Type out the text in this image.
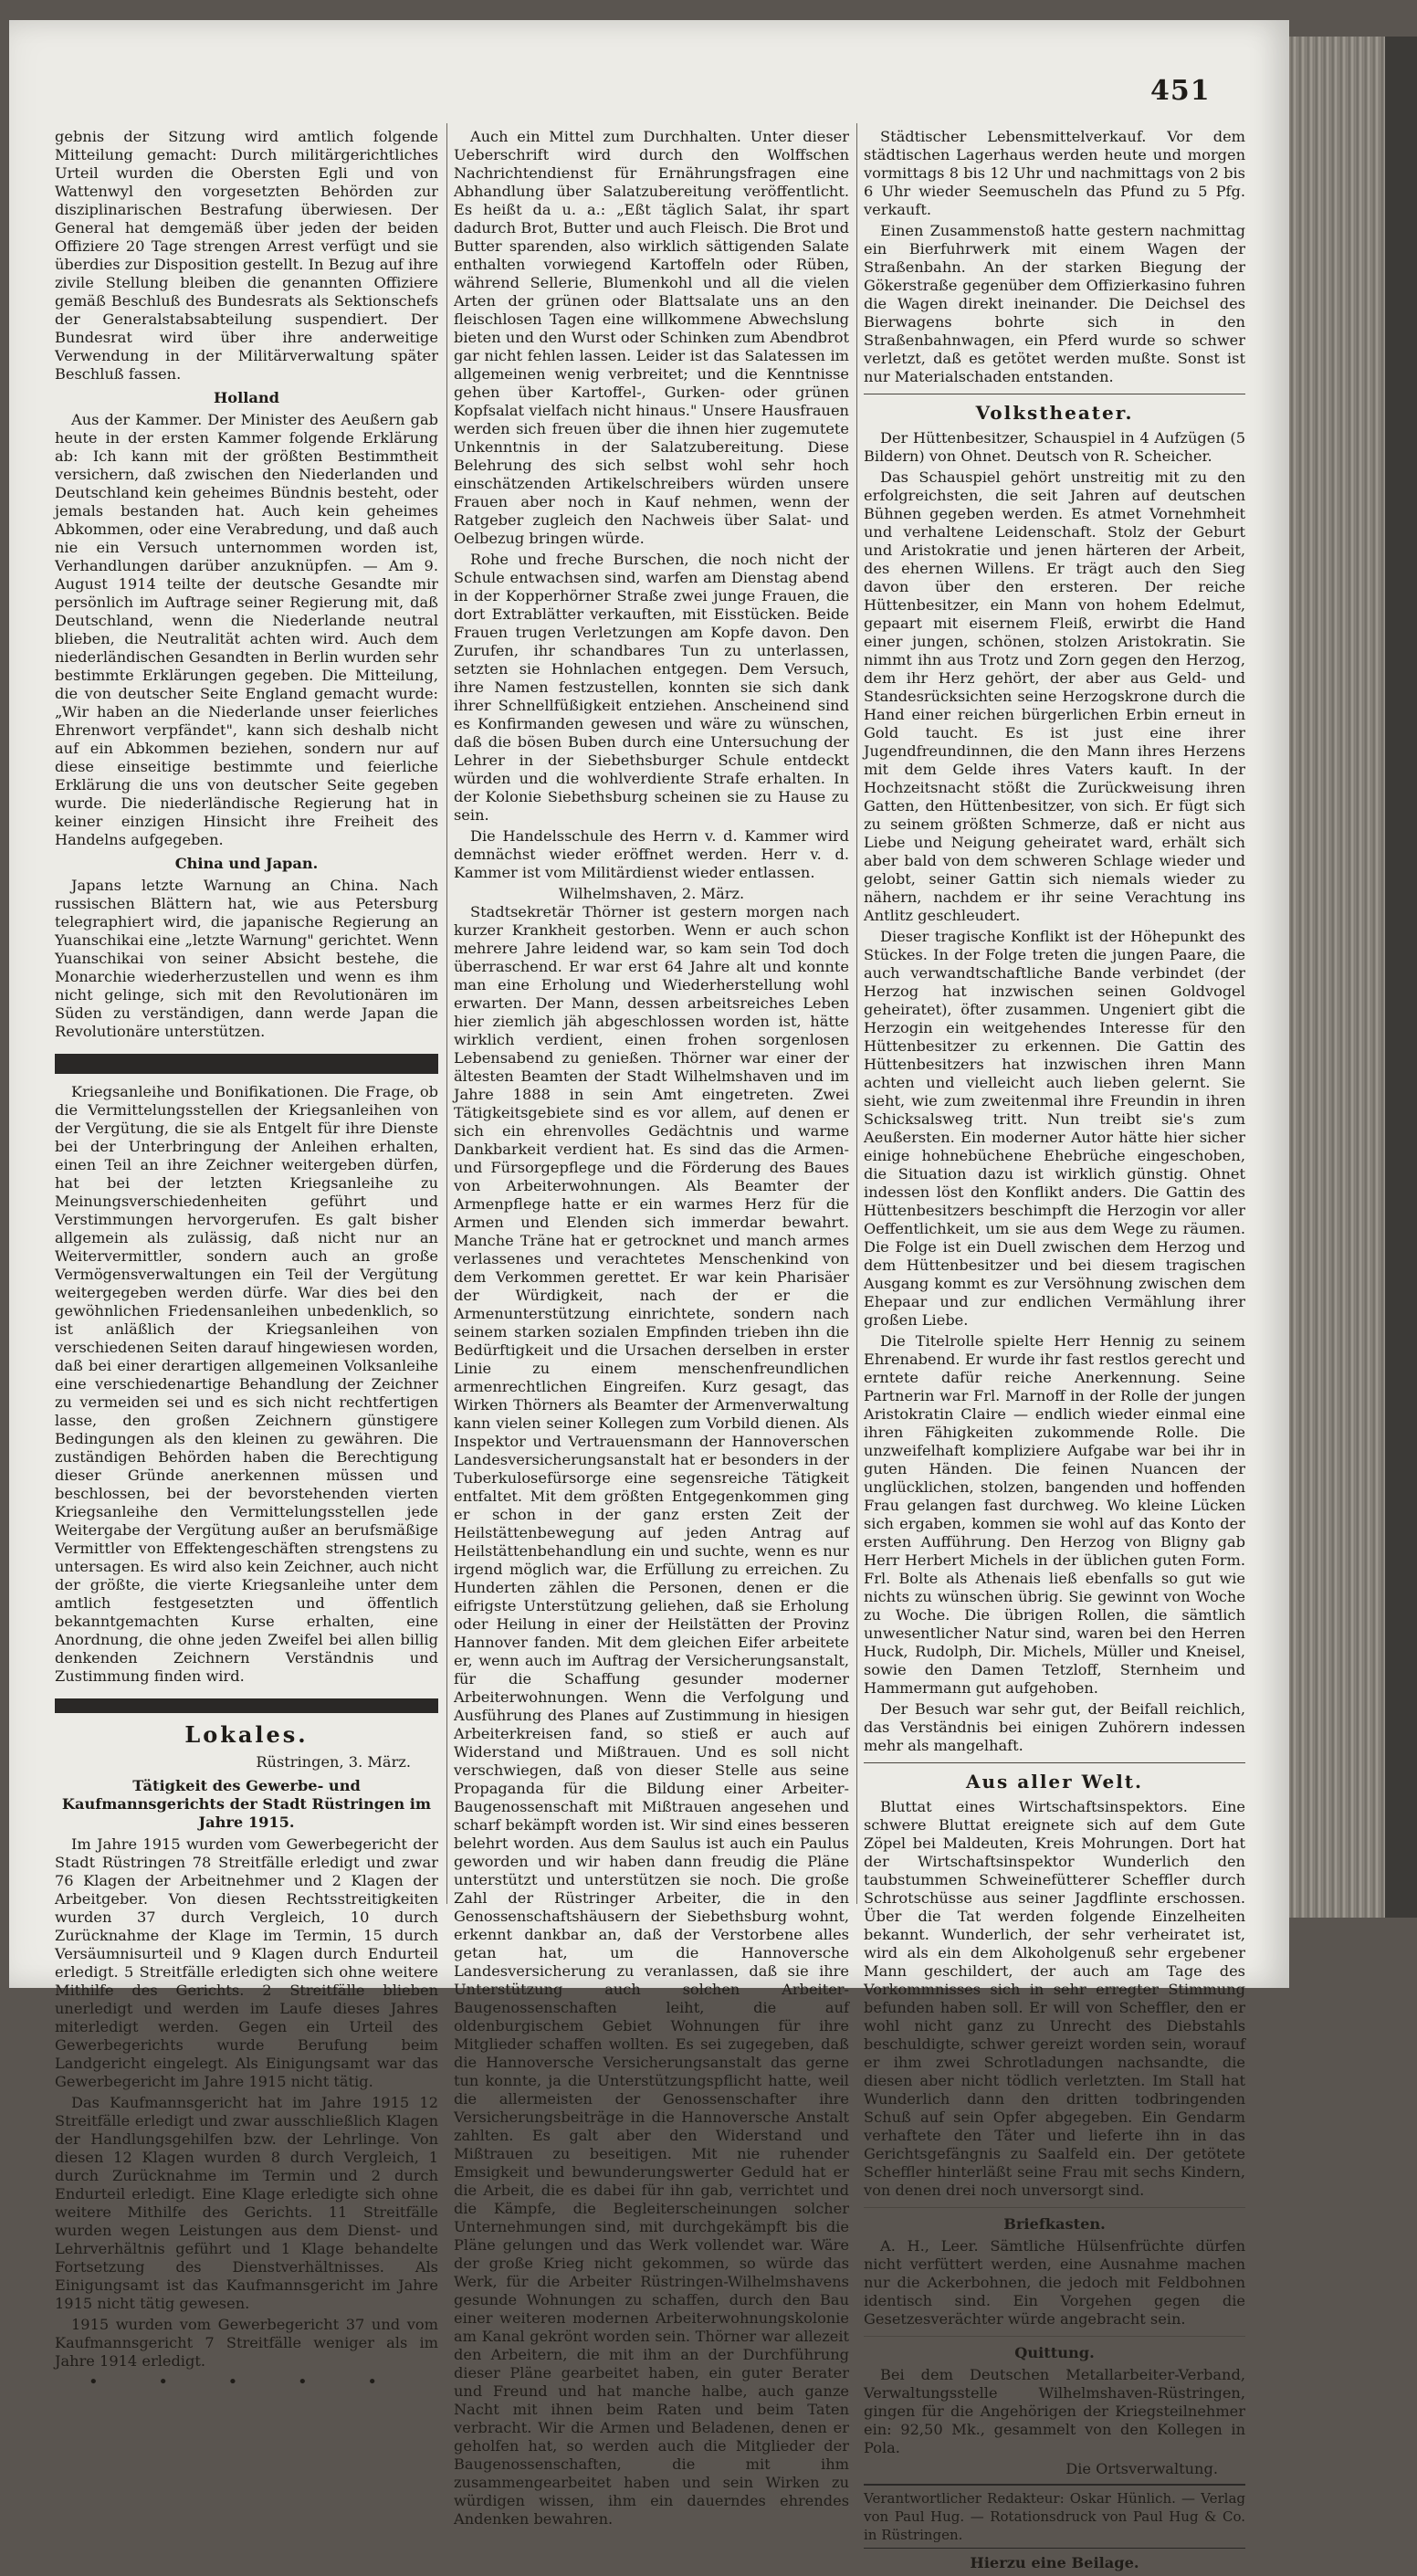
451

gebnis der Sitzung wird amtlich folgende Mitteilung gemacht: Durch militärgerichtliches Urteil wurden die Obersten Egli und von Wattenwyl den vorgesetzten Behörden zur disziplinarischen Bestrafung überwiesen. Der General hat demgemäß über jeden der beiden Offiziere 20 Tage strengen Arrest verfügt und sie überdies zur Disposition gestellt. In Bezug auf ihre zivile Stellung bleiben die genannten Offiziere gemäß Beschluß des Bundesrats als Sektionschefs der Generalstabsabteilung suspendiert. Der Bundesrat wird über ihre anderweitige Verwendung in der Militärverwaltung später Beschluß fassen.

Holland

Aus der Kammer. Der Minister des Aeußern gab heute in der ersten Kammer folgende Erklärung ab: Ich kann mit der größten Bestimmtheit versichern, daß zwischen den Niederlanden und Deutschland kein geheimes Bündnis besteht, oder jemals bestanden hat. Auch kein geheimes Abkommen, oder eine Verabredung, und daß auch nie ein Versuch unternommen worden ist, Verhandlungen darüber anzuknüpfen. — Am 9. August 1914 teilte der deutsche Gesandte mir persönlich im Auftrage seiner Regierung mit, daß Deutschland, wenn die Niederlande neutral blieben, die Neutralität achten wird. Auch dem niederländischen Gesandten in Berlin wurden sehr bestimmte Erklärungen gegeben. Die Mitteilung, die von deutscher Seite England gemacht wurde: „Wir haben an die Niederlande unser feierliches Ehrenwort verpfändet", kann sich deshalb nicht auf ein Abkommen beziehen, sondern nur auf diese einseitige bestimmte und feierliche Erklärung die uns von deutscher Seite gegeben wurde. Die niederländische Regierung hat in keiner einzigen Hinsicht ihre Freiheit des Handelns aufgegeben.

China und Japan.

Japans letzte Warnung an China. Nach russischen Blättern hat, wie aus Petersburg telegraphiert wird, die japanische Regierung an Yuanschikai eine „letzte Warnung" gerichtet. Wenn Yuanschikai von seiner Absicht bestehe, die Monarchie wiederherzustellen und wenn es ihm nicht gelinge, sich mit den Revolutionären im Süden zu verständigen, dann werde Japan die Revolutionäre unterstützen.

Kriegsanleihe und Bonifikationen. Die Frage, ob die Vermittelungsstellen der Kriegsanleihen von der Vergütung, die sie als Entgelt für ihre Dienste bei der Unterbringung der Anleihen erhalten, einen Teil an ihre Zeichner weitergeben dürfen, hat bei der letzten Kriegsanleihe zu Meinungsverschiedenheiten geführt und Verstimmungen hervorgerufen. Es galt bisher allgemein als zulässig, daß nicht nur an Weitervermittler, sondern auch an große Vermögensverwaltungen ein Teil der Vergütung weitergegeben werden dürfe. War dies bei den gewöhnlichen Friedensanleihen unbedenklich, so ist anläßlich der Kriegsanleihen von verschiedenen Seiten darauf hingewiesen worden, daß bei einer derartigen allgemeinen Volksanleihe eine verschiedenartige Behandlung der Zeichner zu vermeiden sei und es sich nicht rechtfertigen lasse, den großen Zeichnern günstigere Bedingungen als den kleinen zu gewähren. Die zuständigen Behörden haben die Berechtigung dieser Gründe anerkennen müssen und beschlossen, bei der bevorstehenden vierten Kriegsanleihe den Vermittelungsstellen jede Weitergabe der Vergütung außer an berufsmäßige Vermittler von Effektengeschäften strengstens zu untersagen. Es wird also kein Zeichner, auch nicht der größte, die vierte Kriegsanleihe unter dem amtlich festgesetzten und öffentlich bekanntgemachten Kurse erhalten, eine Anordnung, die ohne jeden Zweifel bei allen billig denkenden Zeichnern Verständnis und Zustimmung finden wird.

Lokales.
Rüstringen, 3. März.
Tätigkeit des Gewerbe- und Kaufmannsgerichts der Stadt Rüstringen im Jahre 1915.

Im Jahre 1915 wurden vom Gewerbegericht der Stadt Rüstringen 78 Streitfälle erledigt und zwar 76 Klagen der Arbeitnehmer und 2 Klagen der Arbeitgeber. Von diesen Rechtsstreitigkeiten wurden 37 durch Vergleich, 10 durch Zurücknahme der Klage im Termin, 15 durch Versäumnisurteil und 9 Klagen durch Endurteil erledigt. 5 Streitfälle erledigten sich ohne weitere Mithilfe des Gerichts. 2 Streitfälle blieben unerledigt und werden im Laufe dieses Jahres miterledigt werden. Gegen ein Urteil des Gewerbegerichts wurde Berufung beim Landgericht eingelegt. Als Einigungsamt war das Gewerbegericht im Jahre 1915 nicht tätig.

Das Kaufmannsgericht hat im Jahre 1915 12 Streitfälle erledigt und zwar ausschließlich Klagen der Handlungsgehilfen bzw. der Lehrlinge. Von diesen 12 Klagen wurden 8 durch Vergleich, 1 durch Zurücknahme im Termin und 2 durch Endurteil erledigt. Eine Klage erledigte sich ohne weitere Mithilfe des Gerichts. 11 Streitfälle wurden wegen Leistungen aus dem Dienst- und Lehrverhältnis geführt und 1 Klage behandelte Fortsetzung des Dienstverhältnisses. Als Einigungsamt ist das Kaufmannsgericht im Jahre 1915 nicht tätig gewesen.

1915 wurden vom Gewerbegericht 37 und vom Kaufmannsgericht 7 Streitfälle weniger als im Jahre 1914 erledigt.

• • • • •

Auch ein Mittel zum Durchhalten. Unter dieser Ueberschrift wird durch den Wolffschen Nachrichtendienst für Ernährungsfragen eine Abhandlung über Salatzubereitung veröffentlicht. Es heißt da u. a.: „Eßt täglich Salat, ihr spart dadurch Brot, Butter und auch Fleisch. Die Brot und Butter sparenden, also wirklich sättigenden Salate enthalten vorwiegend Kartoffeln oder Rüben, während Sellerie, Blumenkohl und all die vielen Arten der grünen oder Blattsalate uns an den fleischlosen Tagen eine willkommene Abwechslung bieten und den Wurst oder Schinken zum Abendbrot gar nicht fehlen lassen. Leider ist das Salatessen im allgemeinen wenig verbreitet; und die Kenntnisse gehen über Kartoffel-, Gurken- oder grünen Kopfsalat vielfach nicht hinaus." Unsere Hausfrauen werden sich freuen über die ihnen hier zugemutete Unkenntnis in der Salatzubereitung. Diese Belehrung des sich selbst wohl sehr hoch einschätzenden Artikelschreibers würden unsere Frauen aber noch in Kauf nehmen, wenn der Ratgeber zugleich den Nachweis über Salat- und Oelbezug bringen würde.

Rohe und freche Burschen, die noch nicht der Schule entwachsen sind, warfen am Dienstag abend in der Kopperhörner Straße zwei junge Frauen, die dort Extrablätter verkauften, mit Eisstücken. Beide Frauen trugen Verletzungen am Kopfe davon. Den Zurufen, ihr schandbares Tun zu unterlassen, setzten sie Hohnlachen entgegen. Dem Versuch, ihre Namen festzustellen, konnten sie sich dank ihrer Schnellfüßigkeit entziehen. Anscheinend sind es Konfirmanden gewesen und wäre zu wünschen, daß die bösen Buben durch eine Untersuchung der Lehrer in der Siebethsburger Schule entdeckt würden und die wohlverdiente Strafe erhalten. In der Kolonie Siebethsburg scheinen sie zu Hause zu sein.

Die Handelsschule des Herrn v. d. Kammer wird demnächst wieder eröffnet werden. Herr v. d. Kammer ist vom Militärdienst wieder entlassen.

Wilhelmshaven, 2. März.

Stadtsekretär Thörner ist gestern morgen nach kurzer Krankheit gestorben. Wenn er auch schon mehrere Jahre leidend war, so kam sein Tod doch überraschend. Er war erst 64 Jahre alt und konnte man eine Erholung und Wiederherstellung wohl erwarten. Der Mann, dessen arbeitsreiches Leben hier ziemlich jäh abgeschlossen worden ist, hätte wirklich verdient, einen frohen sorgenlosen Lebensabend zu genießen. Thörner war einer der ältesten Beamten der Stadt Wilhelmshaven und im Jahre 1888 in sein Amt eingetreten. Zwei Tätigkeitsgebiete sind es vor allem, auf denen er sich ein ehrenvolles Gedächtnis und warme Dankbarkeit verdient hat. Es sind das die Armen- und Fürsorgepflege und die Förderung des Baues von Arbeiterwohnungen. Als Beamter der Armenpflege hatte er ein warmes Herz für die Armen und Elenden sich immerdar bewahrt. Manche Träne hat er getrocknet und manch armes verlassenes und verachtetes Menschenkind von dem Verkommen gerettet. Er war kein Pharisäer der Würdigkeit, nach der er die Armenunterstützung einrichtete, sondern nach seinem starken sozialen Empfinden trieben ihn die Bedürftigkeit und die Ursachen derselben in erster Linie zu einem menschenfreundlichen armenrechtlichen Eingreifen. Kurz gesagt, das Wirken Thörners als Beamter der Armenverwaltung kann vielen seiner Kollegen zum Vorbild dienen. Als Inspektor und Vertrauensmann der Hannoverschen Landesversicherungsanstalt hat er besonders in der Tuberkulosefürsorge eine segensreiche Tätigkeit entfaltet. Mit dem größten Entgegenkommen ging er schon in der ganz ersten Zeit der Heilstättenbewegung auf jeden Antrag auf Heilstättenbehandlung ein und suchte, wenn es nur irgend möglich war, die Erfüllung zu erreichen. Zu Hunderten zählen die Personen, denen er die eifrigste Unterstützung geliehen, daß sie Erholung oder Heilung in einer der Heilstätten der Provinz Hannover fanden. Mit dem gleichen Eifer arbeitete er, wenn auch im Auftrag der Versicherungsanstalt, für die Schaffung gesunder moderner Arbeiterwohnungen. Wenn die Verfolgung und Ausführung des Planes auf Zustimmung in hiesigen Arbeiterkreisen fand, so stieß er auch auf Widerstand und Mißtrauen. Und es soll nicht verschwiegen, daß von dieser Stelle aus seine Propaganda für die Bildung einer Arbeiter-Baugenossenschaft mit Mißtrauen angesehen und scharf bekämpft worden ist. Wir sind eines besseren belehrt worden. Aus dem Saulus ist auch ein Paulus geworden und wir haben dann freudig die Pläne unterstützt und unterstützen sie noch. Die große Zahl der Rüstringer Arbeiter, die in den Genossenschaftshäusern der Siebethsburg wohnt, erkennt dankbar an, daß der Verstorbene alles getan hat, um die Hannoversche Landesversicherung zu veranlassen, daß sie ihre Unterstützung auch solchen Arbeiter-Baugenossenschaften leiht, die auf oldenburgischem Gebiet Wohnungen für ihre Mitglieder schaffen wollten. Es sei zugegeben, daß die Hannoversche Versicherungsanstalt das gerne tun konnte, ja die Unterstützungspflicht hatte, weil die allermeisten der Genossenschafter ihre Versicherungsbeiträge in die Hannoversche Anstalt zahlten. Es galt aber den Widerstand und Mißtrauen zu beseitigen. Mit nie ruhender Emsigkeit und bewunderungswerter Geduld hat er die Arbeit, die es dabei für ihn gab, verrichtet und die Kämpfe, die Begleiterscheinungen solcher Unternehmungen sind, mit durchgekämpft bis die Pläne gelungen und das Werk vollendet war. Wäre der große Krieg nicht gekommen, so würde das Werk, für die Arbeiter Rüstringen-Wilhelmshavens gesunde Wohnungen zu schaffen, durch den Bau einer weiteren modernen Arbeiterwohnungskolonie am Kanal gekrönt worden sein. Thörner war allezeit den Arbeitern, die mit ihm an der Durchführung dieser Pläne gearbeitet haben, ein guter Berater und Freund und hat manche halbe, auch ganze Nacht mit ihnen beim Raten und beim Taten verbracht. Wir die Armen und Beladenen, denen er geholfen hat, so werden auch die Mitglieder der Baugenossenschaften, die mit ihm zusammengearbeitet haben und sein Wirken zu würdigen wissen, ihm ein dauerndes ehrendes Andenken bewahren.

Städtischer Lebensmittelverkauf. Vor dem städtischen Lagerhaus werden heute und morgen vormittags 8 bis 12 Uhr und nachmittags von 2 bis 6 Uhr wieder Seemuscheln das Pfund zu 5 Pfg. verkauft.

Einen Zusammenstoß hatte gestern nachmittag ein Bierfuhrwerk mit einem Wagen der Straßenbahn. An der starken Biegung der Gökerstraße gegenüber dem Offizierkasino fuhren die Wagen direkt ineinander. Die Deichsel des Bierwagens bohrte sich in den Straßenbahnwagen, ein Pferd wurde so schwer verletzt, daß es getötet werden mußte. Sonst ist nur Materialschaden entstanden.

Volkstheater.

Der Hüttenbesitzer, Schauspiel in 4 Aufzügen (5 Bildern) von Ohnet. Deutsch von R. Scheicher.

Das Schauspiel gehört unstreitig mit zu den erfolgreichsten, die seit Jahren auf deutschen Bühnen gegeben werden. Es atmet Vornehmheit und verhaltene Leidenschaft. Stolz der Geburt und Aristokratie und jenen härteren der Arbeit, des ehernen Willens. Er trägt auch den Sieg davon über den ersteren. Der reiche Hüttenbesitzer, ein Mann von hohem Edelmut, gepaart mit eisernem Fleiß, erwirbt die Hand einer jungen, schönen, stolzen Aristokratin. Sie nimmt ihn aus Trotz und Zorn gegen den Herzog, dem ihr Herz gehört, der aber aus Geld- und Standesrücksichten seine Herzogskrone durch die Hand einer reichen bürgerlichen Erbin erneut in Gold taucht. Es ist just eine ihrer Jugendfreundinnen, die den Mann ihres Herzens mit dem Gelde ihres Vaters kauft. In der Hochzeitsnacht stößt die Zurückweisung ihren Gatten, den Hüttenbesitzer, von sich. Er fügt sich zu seinem größten Schmerze, daß er nicht aus Liebe und Neigung geheiratet ward, erhält sich aber bald von dem schweren Schlage wieder und gelobt, seiner Gattin sich niemals wieder zu nähern, nachdem er ihr seine Verachtung ins Antlitz geschleudert.

Dieser tragische Konflikt ist der Höhepunkt des Stückes. In der Folge treten die jungen Paare, die auch verwandtschaftliche Bande verbindet (der Herzog hat inzwischen seinen Goldvogel geheiratet), öfter zusammen. Ungeniert gibt die Herzogin ein weitgehendes Interesse für den Hüttenbesitzer zu erkennen. Die Gattin des Hüttenbesitzers hat inzwischen ihren Mann achten und vielleicht auch lieben gelernt. Sie sieht, wie zum zweitenmal ihre Freundin in ihren Schicksalsweg tritt. Nun treibt sie's zum Aeußersten. Ein moderner Autor hätte hier sicher einige hohnebüchene Ehebrüche eingeschoben, die Situation dazu ist wirklich günstig. Ohnet indessen löst den Konflikt anders. Die Gattin des Hüttenbesitzers beschimpft die Herzogin vor aller Oeffentlichkeit, um sie aus dem Wege zu räumen. Die Folge ist ein Duell zwischen dem Herzog und dem Hüttenbesitzer und bei diesem tragischen Ausgang kommt es zur Versöhnung zwischen dem Ehepaar und zur endlichen Vermählung ihrer großen Liebe.

Die Titelrolle spielte Herr Hennig zu seinem Ehrenabend. Er wurde ihr fast restlos gerecht und erntete dafür reiche Anerkennung. Seine Partnerin war Frl. Marnoff in der Rolle der jungen Aristokratin Claire — endlich wieder einmal eine ihren Fähigkeiten zukommende Rolle. Die unzweifelhaft kompliziere Aufgabe war bei ihr in guten Händen. Die feinen Nuancen der unglücklichen, stolzen, bangenden und hoffenden Frau gelangen fast durchweg. Wo kleine Lücken sich ergaben, kommen sie wohl auf das Konto der ersten Aufführung. Den Herzog von Bligny gab Herr Herbert Michels in der üblichen guten Form. Frl. Bolte als Athenais ließ ebenfalls so gut wie nichts zu wünschen übrig. Sie gewinnt von Woche zu Woche. Die übrigen Rollen, die sämtlich unwesentlicher Natur sind, waren bei den Herren Huck, Rudolph, Dir. Michels, Müller und Kneisel, sowie den Damen Tetzloff, Sternheim und Hammermann gut aufgehoben.

Der Besuch war sehr gut, der Beifall reichlich, das Verständnis bei einigen Zuhörern indessen mehr als mangelhaft.

Aus aller Welt.

Bluttat eines Wirtschaftsinspektors. Eine schwere Bluttat ereignete sich auf dem Gute Zöpel bei Maldeuten, Kreis Mohrungen. Dort hat der Wirtschaftsinspektor Wunderlich den taubstummen Schweinefütterer Scheffler durch Schrotschüsse aus seiner Jagdflinte erschossen. Über die Tat werden folgende Einzelheiten bekannt. Wunderlich, der sehr verheiratet ist, wird als ein dem Alkoholgenuß sehr ergebener Mann geschildert, der auch am Tage des Vorkommnisses sich in sehr erregter Stimmung befunden haben soll. Er will von Scheffler, den er wohl nicht ganz zu Unrecht des Diebstahls beschuldigte, schwer gereizt worden sein, worauf er ihm zwei Schrotladungen nachsandte, die diesen aber nicht tödlich verletzten. Im Stall hat Wunderlich dann den dritten todbringenden Schuß auf sein Opfer abgegeben. Ein Gendarm verhaftete den Täter und lieferte ihn in das Gerichtsgefängnis zu Saalfeld ein. Der getötete Scheffler hinterläßt seine Frau mit sechs Kindern, von denen drei noch unversorgt sind.

Briefkasten.

A. H., Leer. Sämtliche Hülsenfrüchte dürfen nicht verfüttert werden, eine Ausnahme machen nur die Ackerbohnen, die jedoch mit Feldbohnen identisch sind. Ein Vorgehen gegen die Gesetzesverächter würde angebracht sein.

Quittung.

Bei dem Deutschen Metallarbeiter-Verband, Verwaltungsstelle Wilhelmshaven-Rüstringen, gingen für die Angehörigen der Kriegsteilnehmer ein: 92,50 Mk., gesammelt von den Kollegen in Pola.

Die Ortsverwaltung.
Verantwortlicher Redakteur: Oskar Hünlich. — Verlag von Paul Hug. — Rotationsdruck von Paul Hug & Co. in Rüstringen.
Hierzu eine Beilage.
